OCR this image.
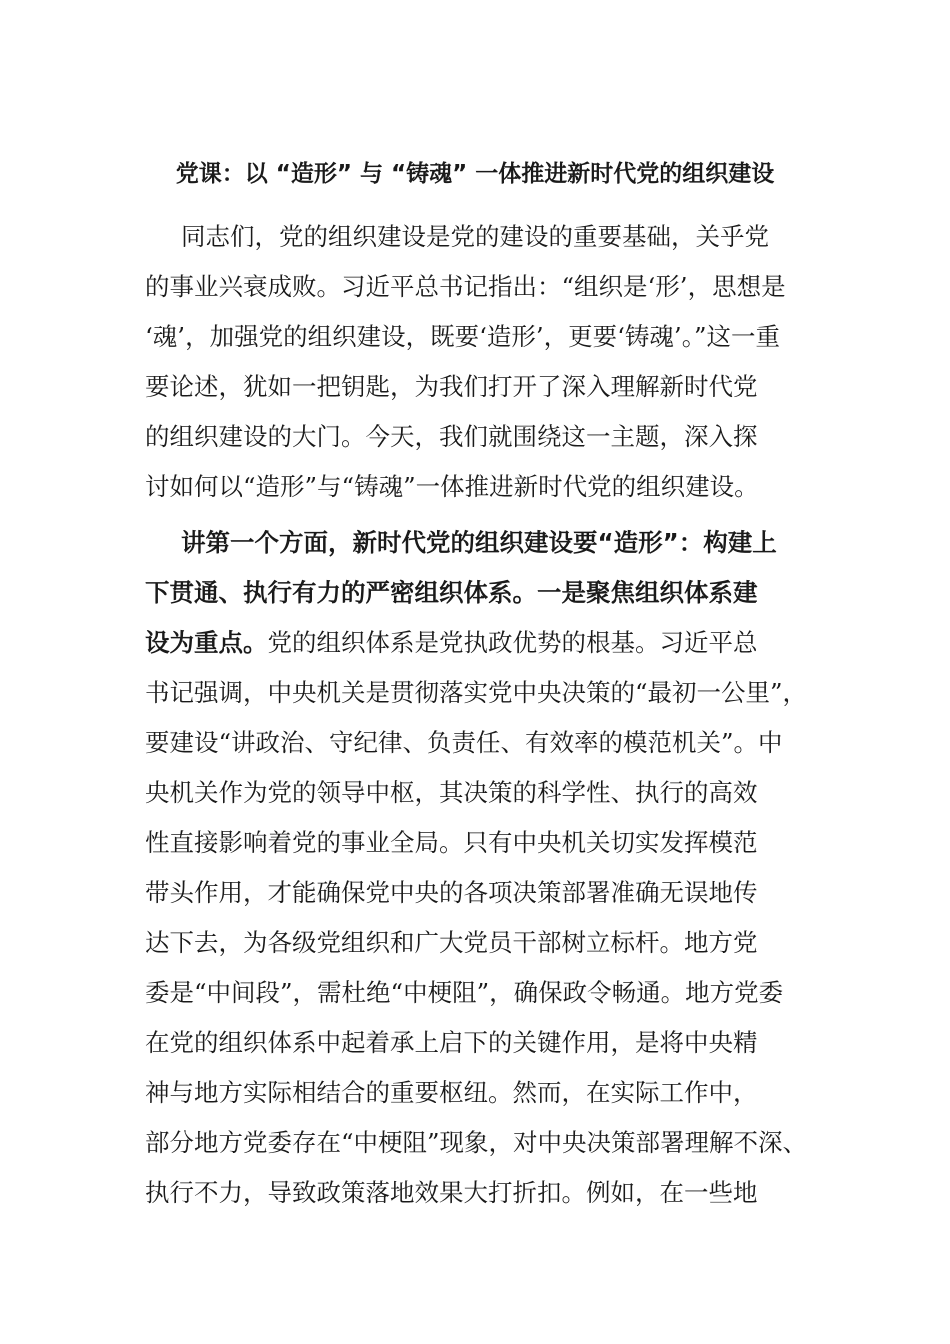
党课：以 “造形” 与 “铸魂” 一体推进新时代党的组织建设
同志们，党的组织建设是党的建设的重要基础，关乎党
的事业兴衰成败。习近平总书记指出：“组织是‘形’，思想是
‘魂’，加强党的组织建设，既要‘造形’，更要‘铸魂’。”这一重
要论述，犹如一把钥匙，为我们打开了深入理解新时代党
的组织建设的大门。今天，我们就围绕这一主题，深入探
讨如何以“造形”与“铸魂”一体推进新时代党的组织建设。
讲第一个方面，新时代党的组织建设要“造形”：构建上
下贯通、执行有力的严密组织体系。一是聚焦组织体系建
设为重点。党的组织体系是党执政优势的根基。习近平总
书记强调，中央机关是贯彻落实党中央决策的“最初一公里”，
要建设“讲政治、守纪律、负责任、有效率的模范机关”。中
央机关作为党的领导中枢，其决策的科学性、执行的高效
性直接影响着党的事业全局。只有中央机关切实发挥模范
带头作用，才能确保党中央的各项决策部署准确无误地传
达下去，为各级党组织和广大党员干部树立标杆。地方党
委是“中间段”，需杜绝“中梗阻”，确保政令畅通。地方党委
在党的组织体系中起着承上启下的关键作用，是将中央精
神与地方实际相结合的重要枢纽。然而，在实际工作中，
部分地方党委存在“中梗阻”现象，对中央决策部署理解不深、
执行不力，导致政策落地效果大打折扣。例如，在一些地
